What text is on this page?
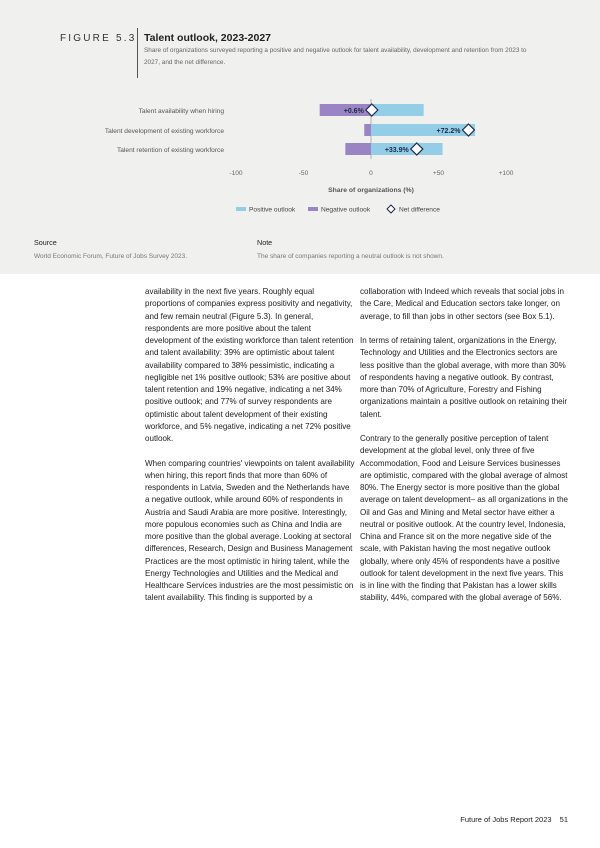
FIGURE 5.3 Talent outlook, 2023-2027
Share of organizations surveyed reporting a positive and negative outlook for talent availability, development and retention from 2023 to 2027, and the net difference.
Talent availability when hiring	+0.6%
Talent development of existing workforce	+72.2%
Talent retention of existing workforce	+33.9%
-100	-50	0	+50	+100
Share of organizations (%)
Positive outlook	Negative outlook	Net difference
Source
World Economic Forum, Future of Jobs Survey 2023.
Note
The share of companies reporting a neutral outlook is not shown.

availability in the next five years. Roughly equal proportions of companies express positivity and negativity, and few remain neutral (Figure 5.3). In general, respondents are more positive about the talent development of the existing workforce than talent retention and talent availability: 39% are optimistic about talent availability compared to 38% pessimistic, indicating a negligible net 1% positive outlook; 53% are positive about talent retention and 19% negative, indicating a net 34% positive outlook; and 77% of survey respondents are optimistic about talent development of their existing workforce, and 5% negative, indicating a net 72% positive outlook.

When comparing countries' viewpoints on talent availability when hiring, this report finds that more than 60% of respondents in Latvia, Sweden and the Netherlands have a negative outlook, while around 60% of respondents in Austria and Saudi Arabia are more positive. Interestingly, more populous economies such as China and India are more positive than the global average. Looking at sectoral differences, Research, Design and Business Management Practices are the most optimistic in hiring talent, while the Energy Technologies and Utilities and the Medical and Healthcare Services industries are the most pessimistic on talent availability. This finding is supported by a

collaboration with Indeed which reveals that social jobs in the Care, Medical and Education sectors take longer, on average, to fill than jobs in other sectors (see Box 5.1).

In terms of retaining talent, organizations in the Energy, Technology and Utilities and the Electronics sectors are less positive than the global average, with more than 30% of respondents having a negative outlook. By contrast, more than 70% of Agriculture, Forestry and Fishing organizations maintain a positive outlook on retaining their talent.

Contrary to the generally positive perception of talent development at the global level, only three of five Accommodation, Food and Leisure Services businesses are optimistic, compared with the global average of almost 80%. The Energy sector is more positive than the global average on talent development– as all organizations in the Oil and Gas and Mining and Metal sector have either a neutral or positive outlook. At the country level, Indonesia, China and France sit on the more negative side of the scale, with Pakistan having the most negative outlook globally, where only 45% of respondents have a positive outlook for talent development in the next five years. This is in line with the finding that Pakistan has a lower skills stability, 44%, compared with the global average of 56%.

Future of Jobs Report 2023 51
